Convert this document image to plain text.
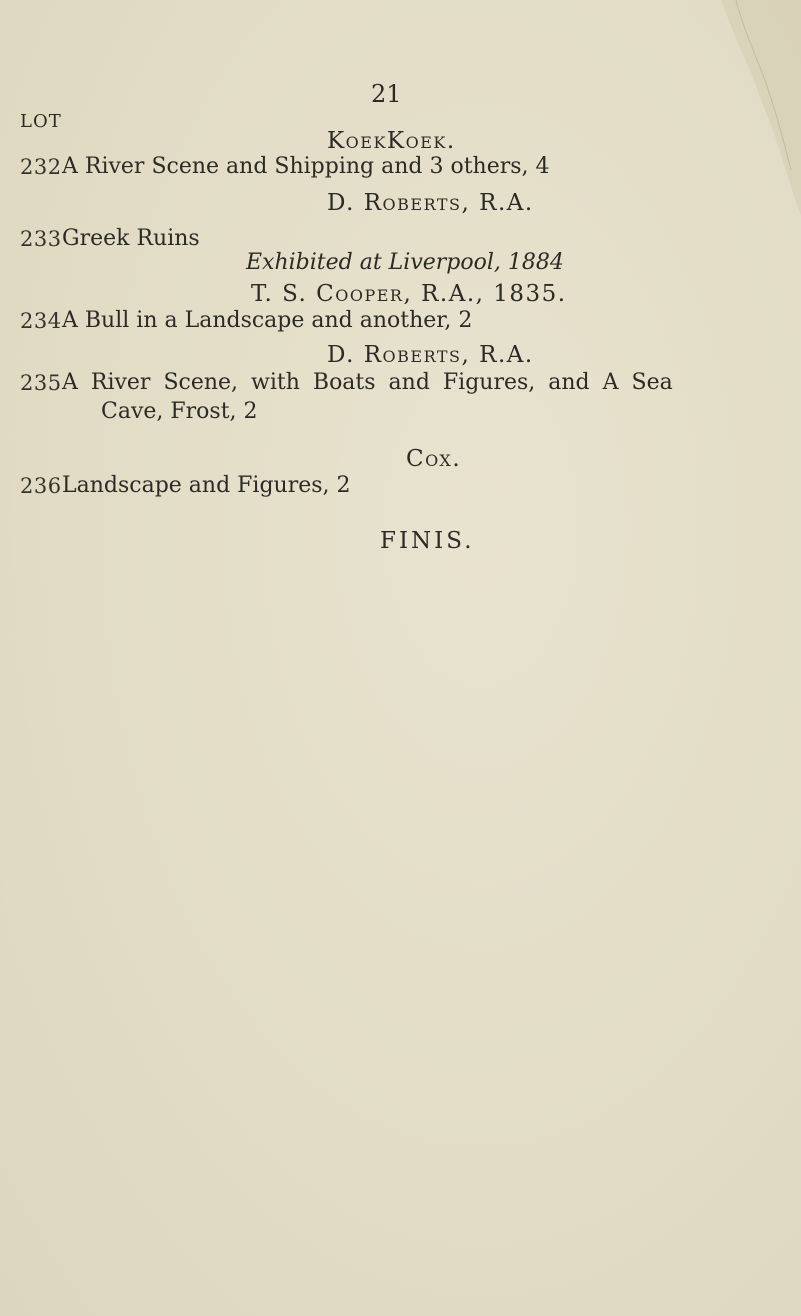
21
LOT
KoekKoek.
232 A River Scene and Shipping and 3 others, 4
D. Roberts, R.A.
233 Greek Ruins
Exhibited at Liverpool, 1884
T. S. Cooper, R.A., 1835.
234 A Bull in a Landscape and another, 2
D. Roberts, R.A.
235 A River Scene, with Boats and Figures, and A Sea
Cave, Frost, 2
Cox.
236 Landscape and Figures, 2
FINIS.
